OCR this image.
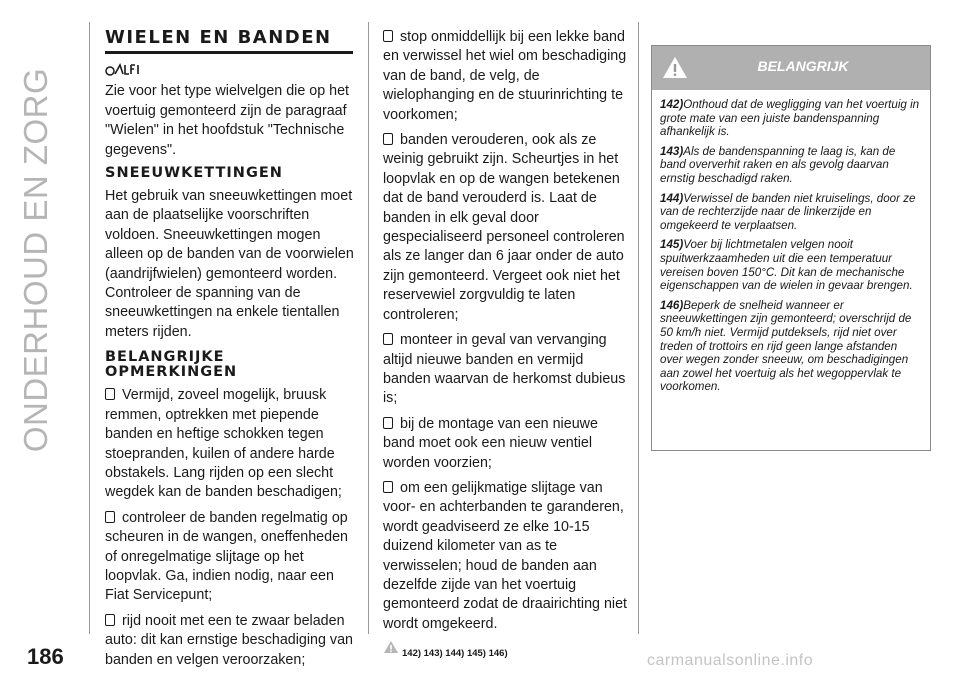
ONDERHOUD EN ZORG
WIELEN EN BANDEN

Zie voor het type wielvelgen die op het voertuig gemonteerd zijn de paragraaf "Wielen" in het hoofdstuk "Technische gegevens".

SNEEUWKETTINGEN

Het gebruik van sneeuwkettingen moet aan de plaatselijke voorschriften voldoen. Sneeuwkettingen mogen alleen op de banden van de voorwielen (aandrijfwielen) gemonteerd worden. Controleer de spanning van de sneeuwkettingen na enkele tientallen meters rijden.

BELANGRIJKE
OPMERKINGEN

Vermijd, zoveel mogelijk, bruusk remmen, optrekken met piepende banden en heftige schokken tegen stoepranden, kuilen of andere harde obstakels. Lang rijden op een slecht wegdek kan de banden beschadigen;

controleer de banden regelmatig op scheuren in de wangen, oneffenheden of onregelmatige slijtage op het loopvlak. Ga, indien nodig, naar een Fiat Servicepunt;

rijd nooit met een te zwaar beladen auto: dit kan ernstige beschadiging van banden en velgen veroorzaken;

stop onmiddellijk bij een lekke band en verwissel het wiel om beschadiging van de band, de velg, de wielophanging en de stuurinrichting te voorkomen;

banden verouderen, ook als ze weinig gebruikt zijn. Scheurtjes in het loopvlak en op de wangen betekenen dat de band verouderd is. Laat de banden in elk geval door gespecialiseerd personeel controleren als ze langer dan 6 jaar onder de auto zijn gemonteerd. Vergeet ook niet het reservewiel zorgvuldig te laten controleren;

monteer in geval van vervanging altijd nieuwe banden en vermijd banden waarvan de herkomst dubieus is;

bij de montage van een nieuwe band moet ook een nieuw ventiel worden voorzien;

om een gelijkmatige slijtage van voor- en achterbanden te garanderen, wordt geadviseerd ze elke 10-15 duizend kilometer van as te verwisselen; houd de banden aan dezelfde zijde van het voertuig gemonteerd zodat de draairichting niet wordt omgekeerd.

142) 143) 144) 145) 146)
BELANGRIJK

142)Onthoud dat de wegligging van het voertuig in grote mate van een juiste bandenspanning afhankelijk is.

143)Als de bandenspanning te laag is, kan de band oververhit raken en als gevolg daarvan ernstig beschadigd raken.

144)Verwissel de banden niet kruiselings, door ze van de rechterzijde naar de linkerzijde en omgekeerd te verplaatsen.

145)Voer bij lichtmetalen velgen nooit spuitwerkzaamheden uit die een temperatuur vereisen boven 150°C. Dit kan de mechanische eigenschappen van de wielen in gevaar brengen.

146)Beperk de snelheid wanneer er sneeuwkettingen zijn gemonteerd; overschrijd de 50 km/h niet. Vermijd putdeksels, rijd niet over treden of trottoirs en rijd geen lange afstanden over wegen zonder sneeuw, om beschadigingen aan zowel het voertuig als het wegoppervlak te voorkomen.

186	carmanualsonline.info
